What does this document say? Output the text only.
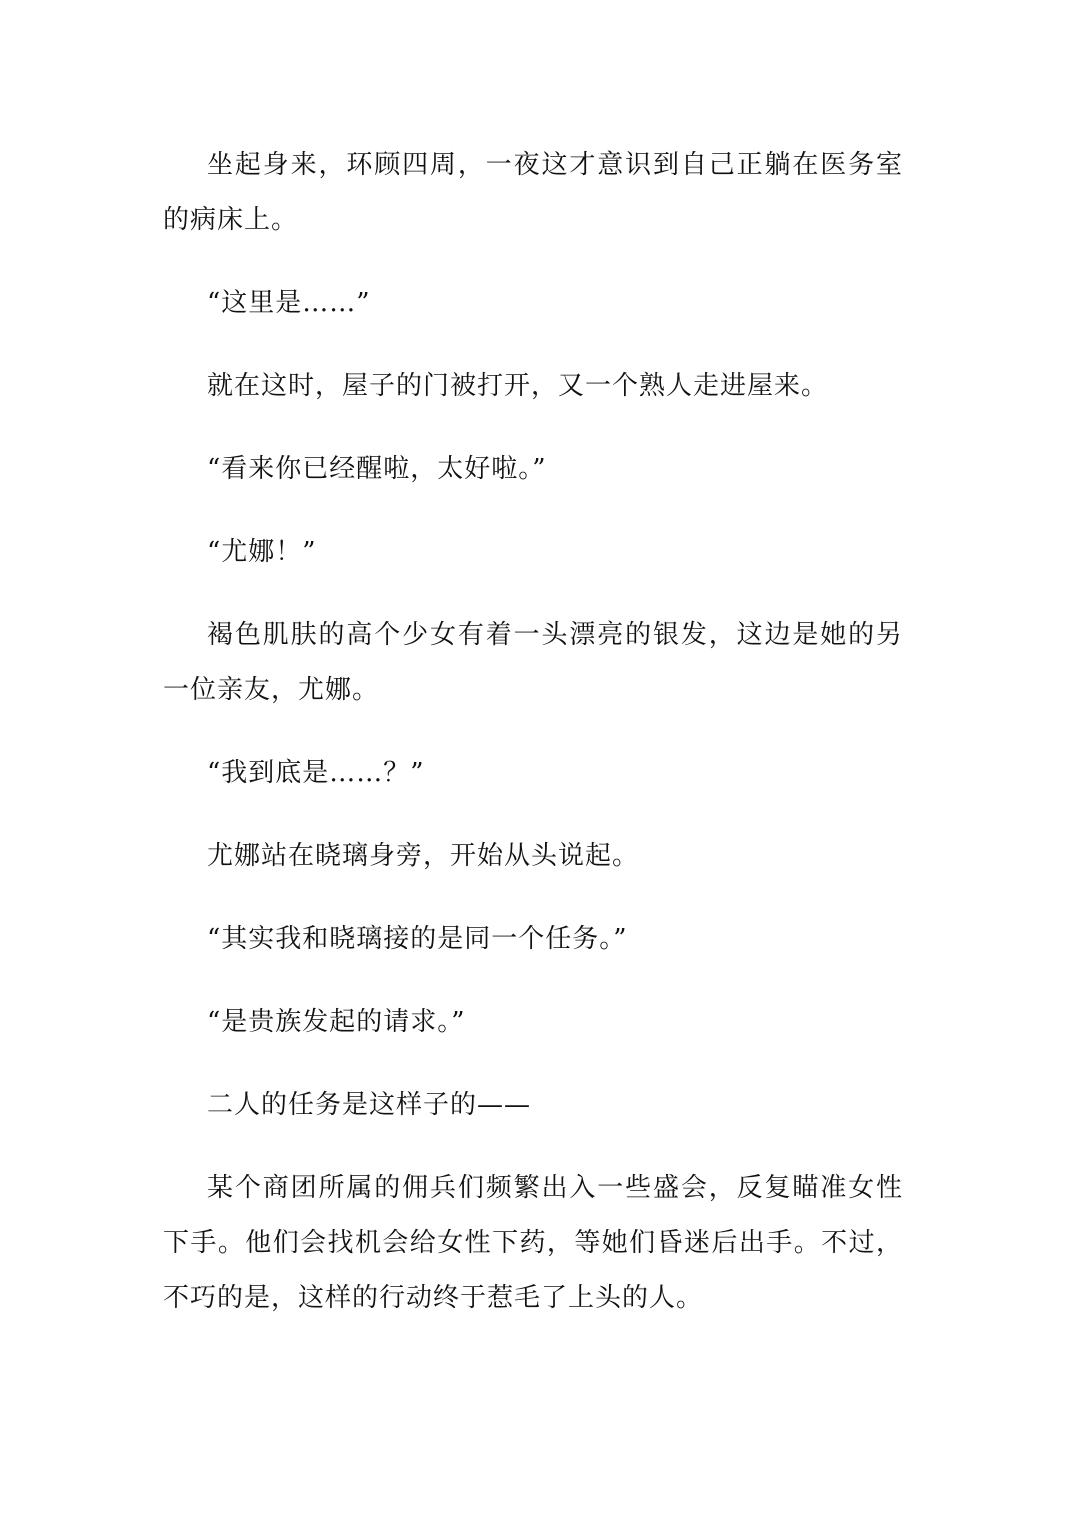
坐起身来，环顾四周，一夜这才意识到自己正躺在医务室的病床上。

“这里是……”

就在这时，屋子的门被打开，又一个熟人走进屋来。

“看来你已经醒啦，太好啦。”

“尤娜！”

褐色肌肤的高个少女有着一头漂亮的银发，这边是她的另一位亲友，尤娜。

“我到底是……？”

尤娜站在晓璃身旁，开始从头说起。

“其实我和晓璃接的是同一个任务。”

“是贵族发起的请求。”

二人的任务是这样子的——

某个商团所属的佣兵们频繁出入一些盛会，反复瞄准女性下手。他们会找机会给女性下药，等她们昏迷后出手。不过，不巧的是，这样的行动终于惹毛了上头的人。
